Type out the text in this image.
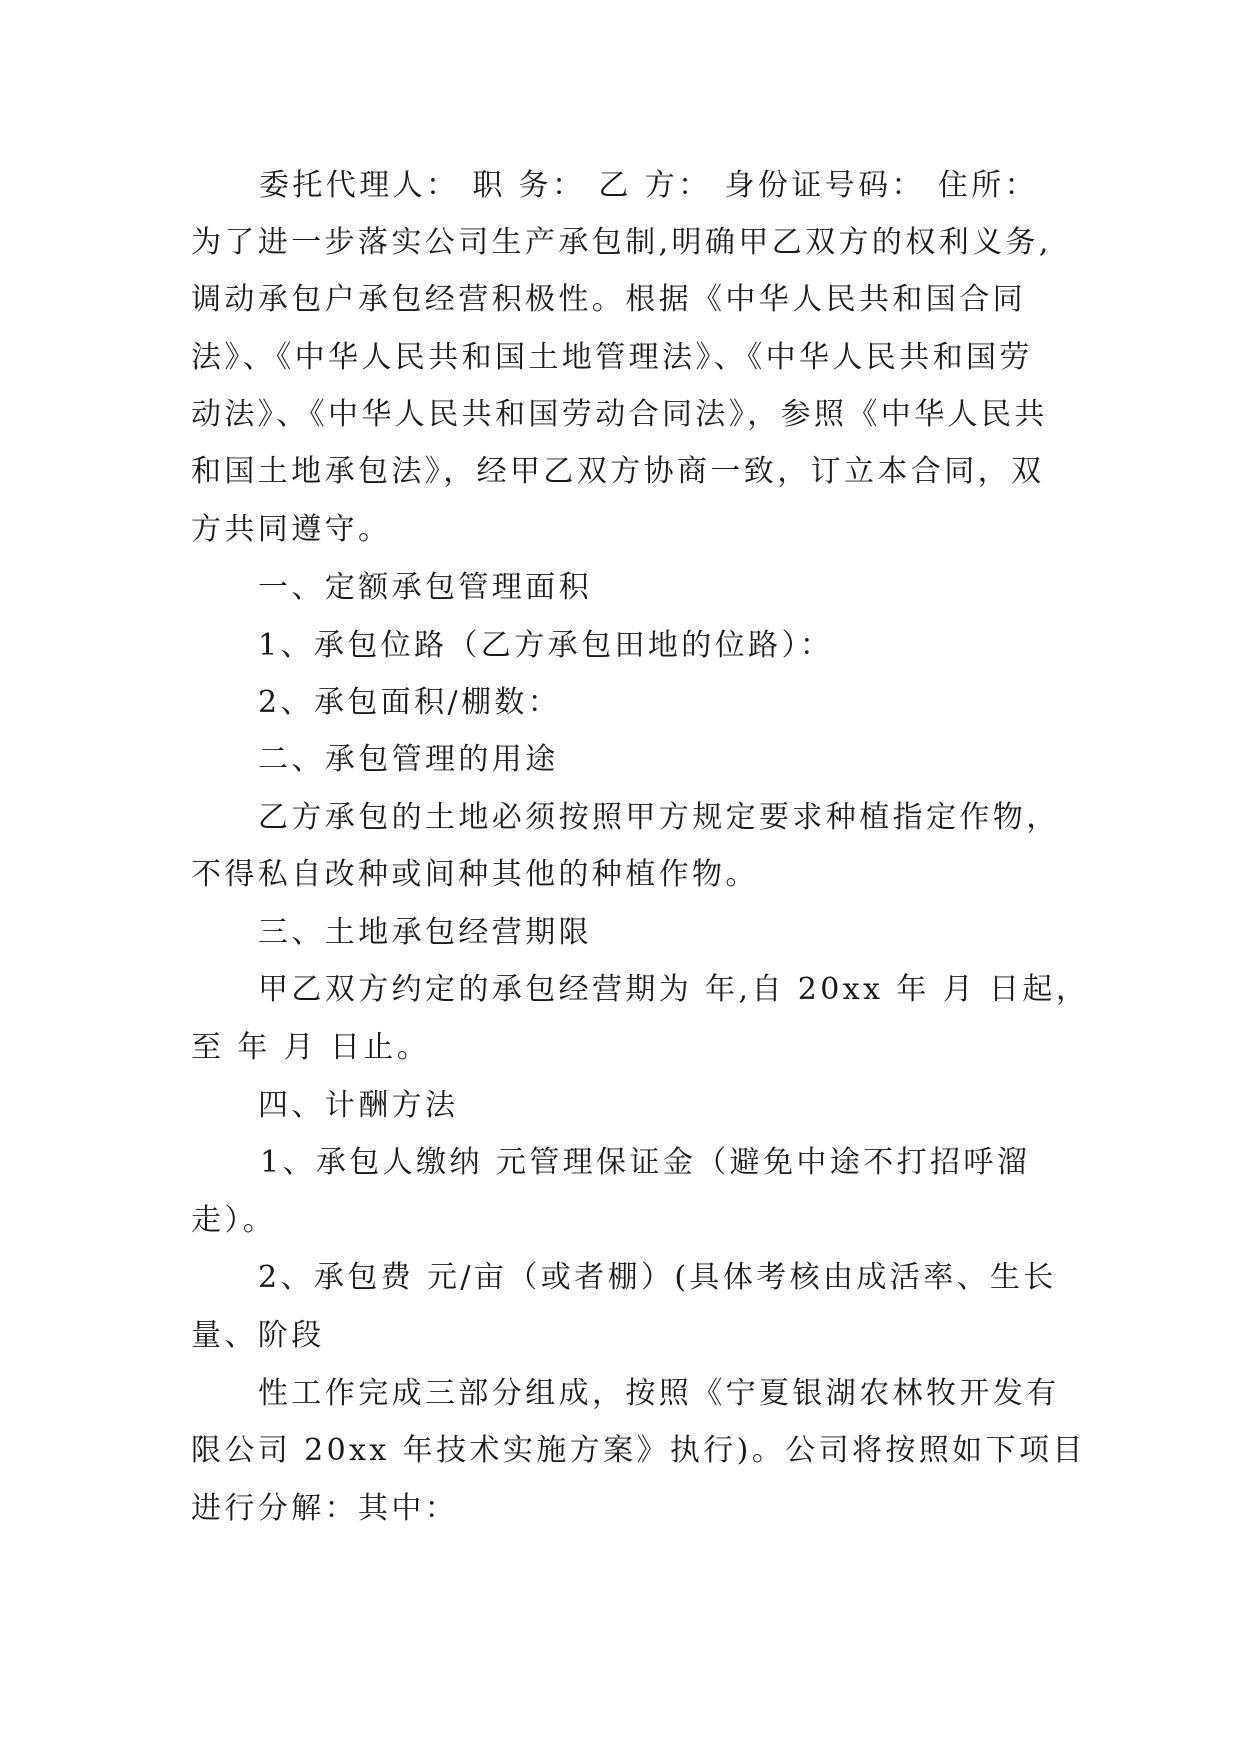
委托代理人： 职 务： 乙 方： 身份证号码： 住所：
为了进一步落实公司生产承包制,明确甲乙双方的权利义务,
调动承包户承包经营积极性。根据《中华人民共和国合同
法》、《中华人民共和国土地管理法》、《中华人民共和国劳
动法》、《中华人民共和国劳动合同法》，参照《中华人民共
和国土地承包法》，经甲乙双方协商一致，订立本合同，双
方共同遵守。
一、定额承包管理面积
1、承包位路（乙方承包田地的位路）：
2、承包面积/棚数：
二、承包管理的用途
乙方承包的土地必须按照甲方规定要求种植指定作物，
不得私自改种或间种其他的种植作物。
三、土地承包经营期限
甲乙双方约定的承包经营期为 年,自 20xx 年 月 日起，
至 年 月 日止。
四、计酬方法
1、承包人缴纳 元管理保证金（避免中途不打招呼溜
走）。
2、承包费 元/亩（或者棚）(具体考核由成活率、生长
量、阶段
性工作完成三部分组成，按照《宁夏银湖农林牧开发有
限公司 20xx 年技术实施方案》执行)。公司将按照如下项目
进行分解：其中：
